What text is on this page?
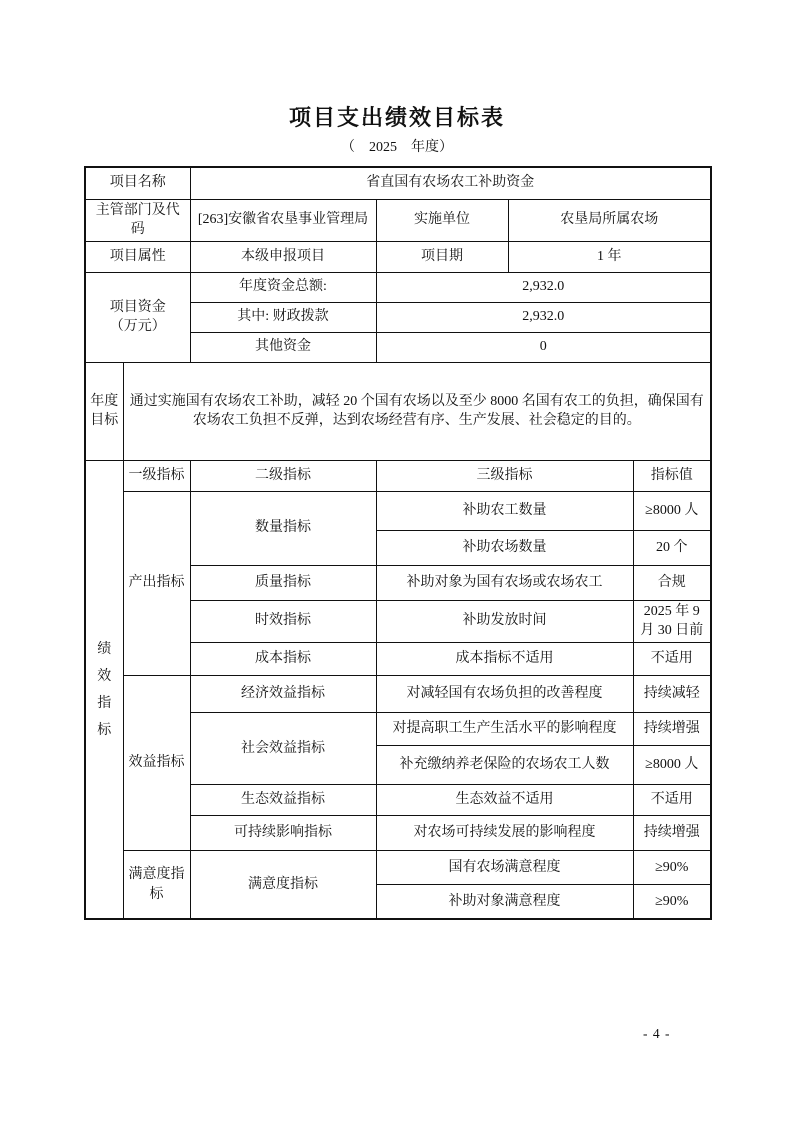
项目支出绩效目标表
（　2025　年度）
项目名称		省直国有农场农工补助资金			
主管部门及代码		[263]安徽省农垦事业管理局	实施单位	农垦局所属农场	
项目属性		本级申报项目	项目期	1 年	
项目资金
（万元）		年度资金总额:	2,932.0		
		其中: 财政拨款	2,932.0		
		其他资金	0		
年度
目标	通过实施国有农场农工补助，减轻 20 个国有农场以及至少 8000 名国有农工的负担，确保国有农场农工负担不反弹，达到农场经营有序、生产发展、社会稳定的目的。				
绩效指标	一级指标	二级指标	三级指标		指标值
	产出指标	数量指标	补助农工数量		≥8000 人
			补助农场数量		20 个
		质量指标	补助对象为国有农场或农场农工		合规
		时效指标	补助发放时间		2025 年 9 月 30 日前
		成本指标	成本指标不适用		不适用
	效益指标	经济效益指标	对减轻国有农场负担的改善程度		持续减轻
		社会效益指标	对提高职工生产生活水平的影响程度		持续增强
			补充缴纳养老保险的农场农工人数		≥8000 人
		生态效益指标	生态效益不适用		不适用
		可持续影响指标	对农场可持续发展的影响程度		持续增强
	满意度指标	满意度指标	国有农场满意程度		≥90%
			补助对象满意程度		≥90%
- 4 -
